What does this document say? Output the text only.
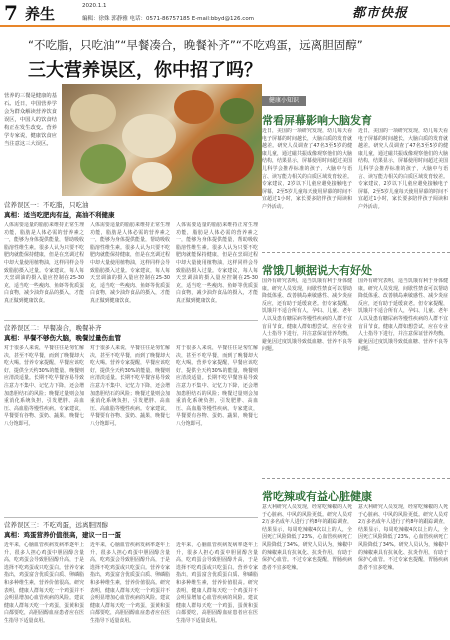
7 养生	2020.1.1
編輯：徐姝 郭静雅 电话：0571-86757185 E-mail:bbyd@126.com	都市快报
“不吃脂，只吃油”“早餐凑合，晚餐补齐”“不吃鸡蛋，远离胆固醇”
三大营养误区，你中招了吗？
营养的三餐是健康的基石。近日，中国营养学会为群众解读营养饮食误区，中国人的饮食结构正在发生改变。营养学专家说，健康饮食应当注意这三大误区。
营养误区一：不吃脂，只吃油
真相：适当吃肥肉有益，高油不利健康
人体需要适量的脂肪来维持正常生理功能，脂肪是人体必需的营养素之一，能够为身体提供能量，帮助吸收脂溶性维生素。很多人认为只要不吃肥肉就能保持健康，但是在烹调过程中却大量使用植物油，这样同样会导致脂肪摄入过量。专家建议，每人每天烹调油的摄入量应控制在25-30克，适当吃一些瘦肉、鱼虾等优质蛋白食物，减少油炸食品的摄入，才能真正做到健康饮食。
人体需要适量的脂肪来维持正常生理功能，脂肪是人体必需的营养素之一，能够为身体提供能量，帮助吸收脂溶性维生素。很多人认为只要不吃肥肉就能保持健康，但是在烹调过程中却大量使用植物油，这样同样会导致脂肪摄入过量。专家建议，每人每天烹调油的摄入量应控制在25-30克，适当吃一些瘦肉、鱼虾等优质蛋白食物，减少油炸食品的摄入，才能真正做到健康饮食。
人体需要适量的脂肪来维持正常生理功能，脂肪是人体必需的营养素之一，能够为身体提供能量，帮助吸收脂溶性维生素。很多人认为只要不吃肥肉就能保持健康，但是在烹调过程中却大量使用植物油，这样同样会导致脂肪摄入过量。专家建议，每人每天烹调油的摄入量应控制在25-30克，适当吃一些瘦肉、鱼虾等优质蛋白食物，减少油炸食品的摄入，才能真正做到健康饮食。
营养误区二：早餐凑合，晚餐补齐
真相：早餐不够伤大脑，晚餐过量伤血管
对于很多人来说，早餐往往是匆忙解决，甚至不吃早餐，而到了晚餐却大吃大喝。营养专家提醒，早餐应该吃好，提供全天约30%的能量，晚餐则应清淡适量。长期不吃早餐容易导致注意力不集中、记忆力下降，还会增加患胆结石的风险；晚餐过量则会加重消化系统负担，引发肥胖、高血压、高血脂等慢性疾病。专家建议，早餐要有谷物、蛋奶、蔬果，晚餐七八分饱即可。
对于很多人来说，早餐往往是匆忙解决，甚至不吃早餐，而到了晚餐却大吃大喝。营养专家提醒，早餐应该吃好，提供全天约30%的能量，晚餐则应清淡适量。长期不吃早餐容易导致注意力不集中、记忆力下降，还会增加患胆结石的风险；晚餐过量则会加重消化系统负担，引发肥胖、高血压、高血脂等慢性疾病。专家建议，早餐要有谷物、蛋奶、蔬果，晚餐七八分饱即可。
对于很多人来说，早餐往往是匆忙解决，甚至不吃早餐，而到了晚餐却大吃大喝。营养专家提醒，早餐应该吃好，提供全天约30%的能量，晚餐则应清淡适量。长期不吃早餐容易导致注意力不集中、记忆力下降，还会增加患胆结石的风险；晚餐过量则会加重消化系统负担，引发肥胖、高血压、高血脂等慢性疾病。专家建议，早餐要有谷物、蛋奶、蔬果，晚餐七八分饱即可。
营养误区三：不吃鸡蛋，远离胆固醇
真相：鸡蛋营养价值很高，建议一日一蛋
近年来，心脑血管疾病发病率逐年上升，很多人担心鸡蛋中胆固醇含量高，吃鸡蛋会导致胆固醇升高，于是选择不吃鸡蛋或只吃蛋白。营养专家指出，鸡蛋富含优质蛋白质、卵磷脂和多种维生素，营养价值很高。研究表明，健康人群每天吃一个鸡蛋并不会明显增加心血管疾病的风险。建议健康人群每天吃一个鸡蛋，蛋黄和蛋白都要吃，高胆固醇血症患者应在医生指导下适量食用。
近年来，心脑血管疾病发病率逐年上升，很多人担心鸡蛋中胆固醇含量高，吃鸡蛋会导致胆固醇升高，于是选择不吃鸡蛋或只吃蛋白。营养专家指出，鸡蛋富含优质蛋白质、卵磷脂和多种维生素，营养价值很高。研究表明，健康人群每天吃一个鸡蛋并不会明显增加心血管疾病的风险。建议健康人群每天吃一个鸡蛋，蛋黄和蛋白都要吃，高胆固醇血症患者应在医生指导下适量食用。
近年来，心脑血管疾病发病率逐年上升，很多人担心鸡蛋中胆固醇含量高，吃鸡蛋会导致胆固醇升高，于是选择不吃鸡蛋或只吃蛋白。营养专家指出，鸡蛋富含优质蛋白质、卵磷脂和多种维生素，营养价值很高。研究表明，健康人群每天吃一个鸡蛋并不会明显增加心血管疾病的风险。建议健康人群每天吃一个鸡蛋，蛋黄和蛋白都要吃，高胆固醇血症患者应在医生指导下适量食用。
健康小知识
常看屏幕影响大脑发育
近日，美国的一项研究发现，幼儿每天看电子屏幕的时间越长，大脑白质的发育就越差。研究人员调查了47名3至5岁的健康儿童，通过磁共振成像观察他们的大脑结构，结果显示，屏幕使用时间超过美国儿科学会推荐标准的孩子，大脑中与语言、读写能力相关的白质区域发育较差。专家建议，2岁以下儿童应避免接触电子屏幕，2至5岁儿童每天使用屏幕的时间不宜超过1小时，家长要多陪伴孩子阅读和户外活动。
近日，美国的一项研究发现，幼儿每天看电子屏幕的时间越长，大脑白质的发育就越差。研究人员调查了47名3至5岁的健康儿童，通过磁共振成像观察他们的大脑结构，结果显示，屏幕使用时间超过美国儿科学会推荐标准的孩子，大脑中与语言、读写能力相关的白质区域发育较差。专家建议，2岁以下儿童应避免接触电子屏幕，2至5岁儿童每天使用屏幕的时间不宜超过1小时，家长要多陪伴孩子阅读和户外活动。
常饿几顿据说大有好处
国外有研究表明，适当饥饿有利于身体健康。研究人员发现，间歇性禁食可以帮助降低体重、改善胰岛素敏感性、减少炎症反应，还有助于延缓衰老。但专家提醒，饥饿并不适合所有人，孕妇、儿童、老年人以及患有糖尿病等慢性疾病的人群不宜盲目节食。健康人群如想尝试，应在专业人士指导下进行，并注意保证营养均衡，避免因过度饥饿导致低血糖、营养不良等问题。
国外有研究表明，适当饥饿有利于身体健康。研究人员发现，间歇性禁食可以帮助降低体重、改善胰岛素敏感性、减少炎症反应，还有助于延缓衰老。但专家提醒，饥饿并不适合所有人，孕妇、儿童、老年人以及患有糖尿病等慢性疾病的人群不宜盲目节食。健康人群如想尝试，应在专业人士指导下进行，并注意保证营养均衡，避免因过度饥饿导致低血糖、营养不良等问题。
常吃辣或有益心脏健康
意大利研究人员发现，经常吃辣椒的人死于心脏病、中风的风险更低。研究人员对2万多名成年人进行了约8年的跟踪调查，结果显示，每周吃辣椒4次以上的人，全因死亡风险降低了23%，心血管疾病死亡风险降低了34%。研究人员认为，辣椒中的辣椒素具有抗氧化、抗炎作用，有助于保护心血管。不过专家也提醒，胃肠疾病患者不宜多吃辣。
意大利研究人员发现，经常吃辣椒的人死于心脏病、中风的风险更低。研究人员对2万多名成年人进行了约8年的跟踪调查，结果显示，每周吃辣椒4次以上的人，全因死亡风险降低了23%，心血管疾病死亡风险降低了34%。研究人员认为，辣椒中的辣椒素具有抗氧化、抗炎作用，有助于保护心血管。不过专家也提醒，胃肠疾病患者不宜多吃辣。
